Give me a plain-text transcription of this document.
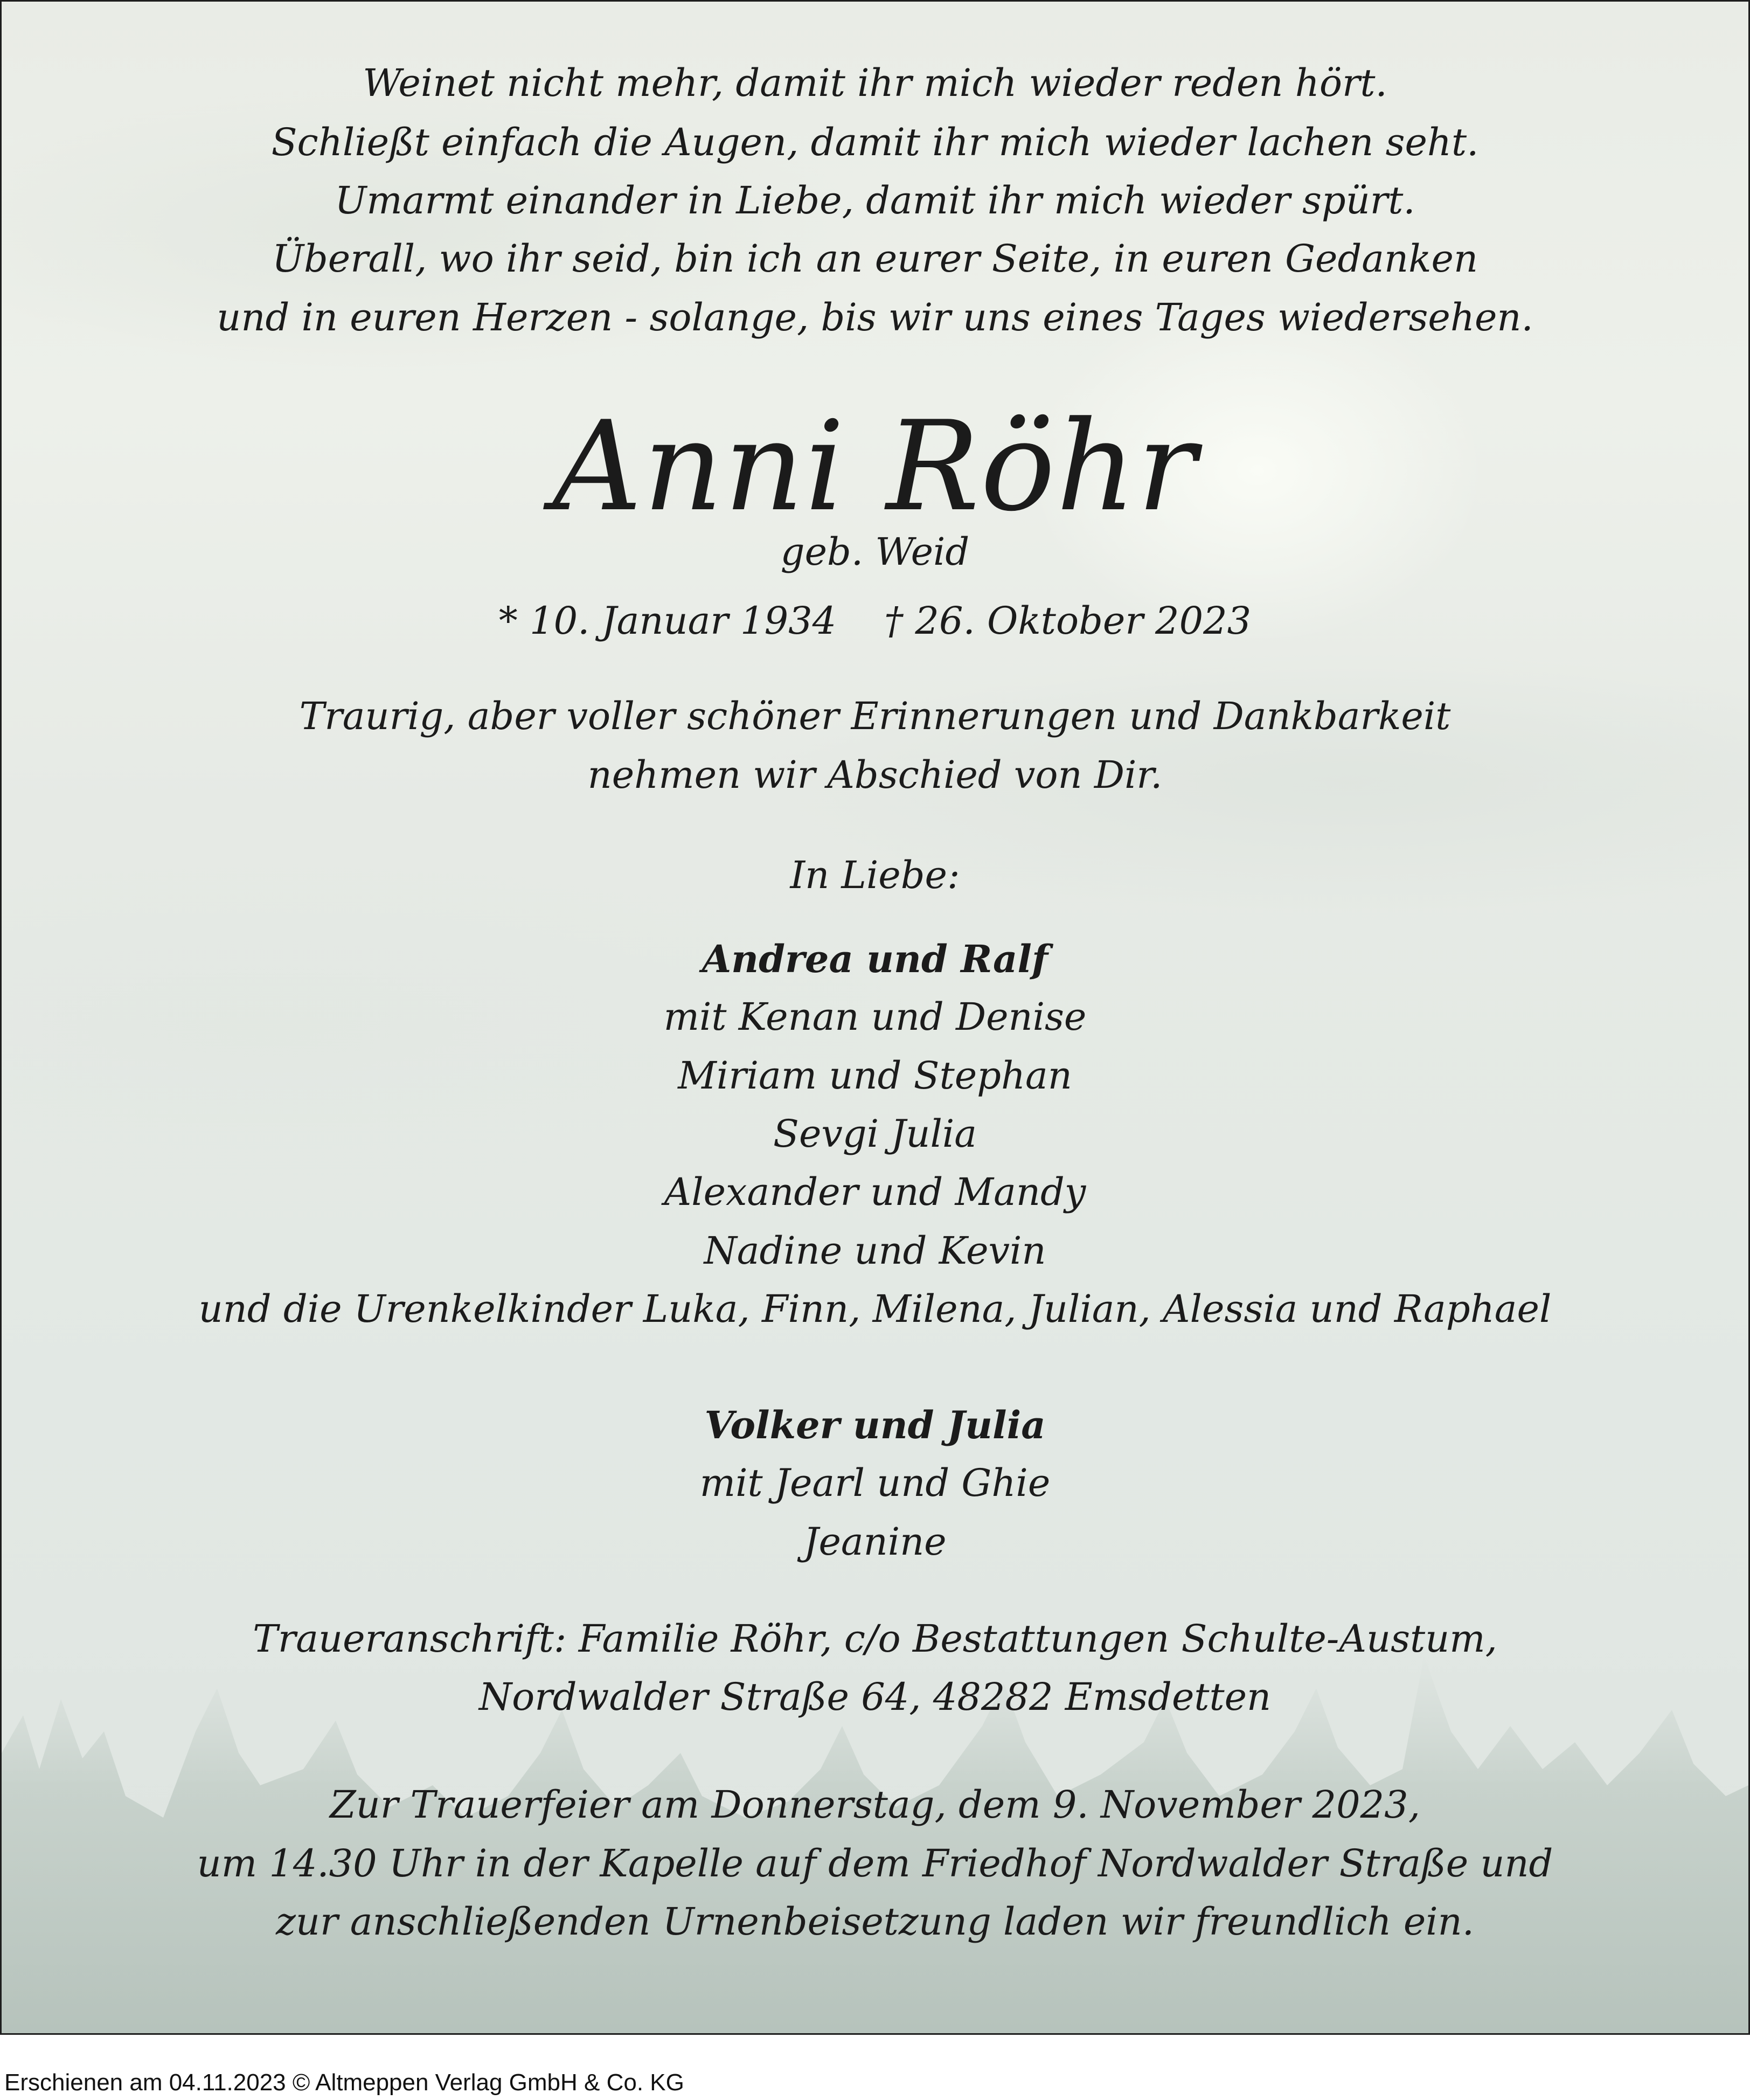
Weinet nicht mehr, damit ihr mich wieder reden hört.
Schließt einfach die Augen, damit ihr mich wieder lachen seht.
Umarmt einander in Liebe, damit ihr mich wieder spürt.
Überall, wo ihr seid, bin ich an eurer Seite, in euren Gedanken
und in euren Herzen - solange, bis wir uns eines Tages wiedersehen.
Anni Röhr
geb. Weid
* 10. Januar 1934    † 26. Oktober 2023
Traurig, aber voller schöner Erinnerungen und Dankbarkeit
nehmen wir Abschied von Dir.
In Liebe:
Andrea und Ralf
mit Kenan und Denise
Miriam und Stephan
Sevgi Julia
Alexander und Mandy
Nadine und Kevin
und die Urenkelkinder Luka, Finn, Milena, Julian, Alessia und Raphael
Volker und Julia
mit Jearl und Ghie
Jeanine
Traueranschrift: Familie Röhr, c/o Bestattungen Schulte-Austum,
Nordwalder Straße 64, 48282 Emsdetten
Zur Trauerfeier am Donnerstag, dem 9. November 2023,
um 14.30 Uhr in der Kapelle auf dem Friedhof Nordwalder Straße und
zur anschließenden Urnenbeisetzung laden wir freundlich ein.
Erschienen am 04.11.2023 © Altmeppen Verlag GmbH & Co. KG
